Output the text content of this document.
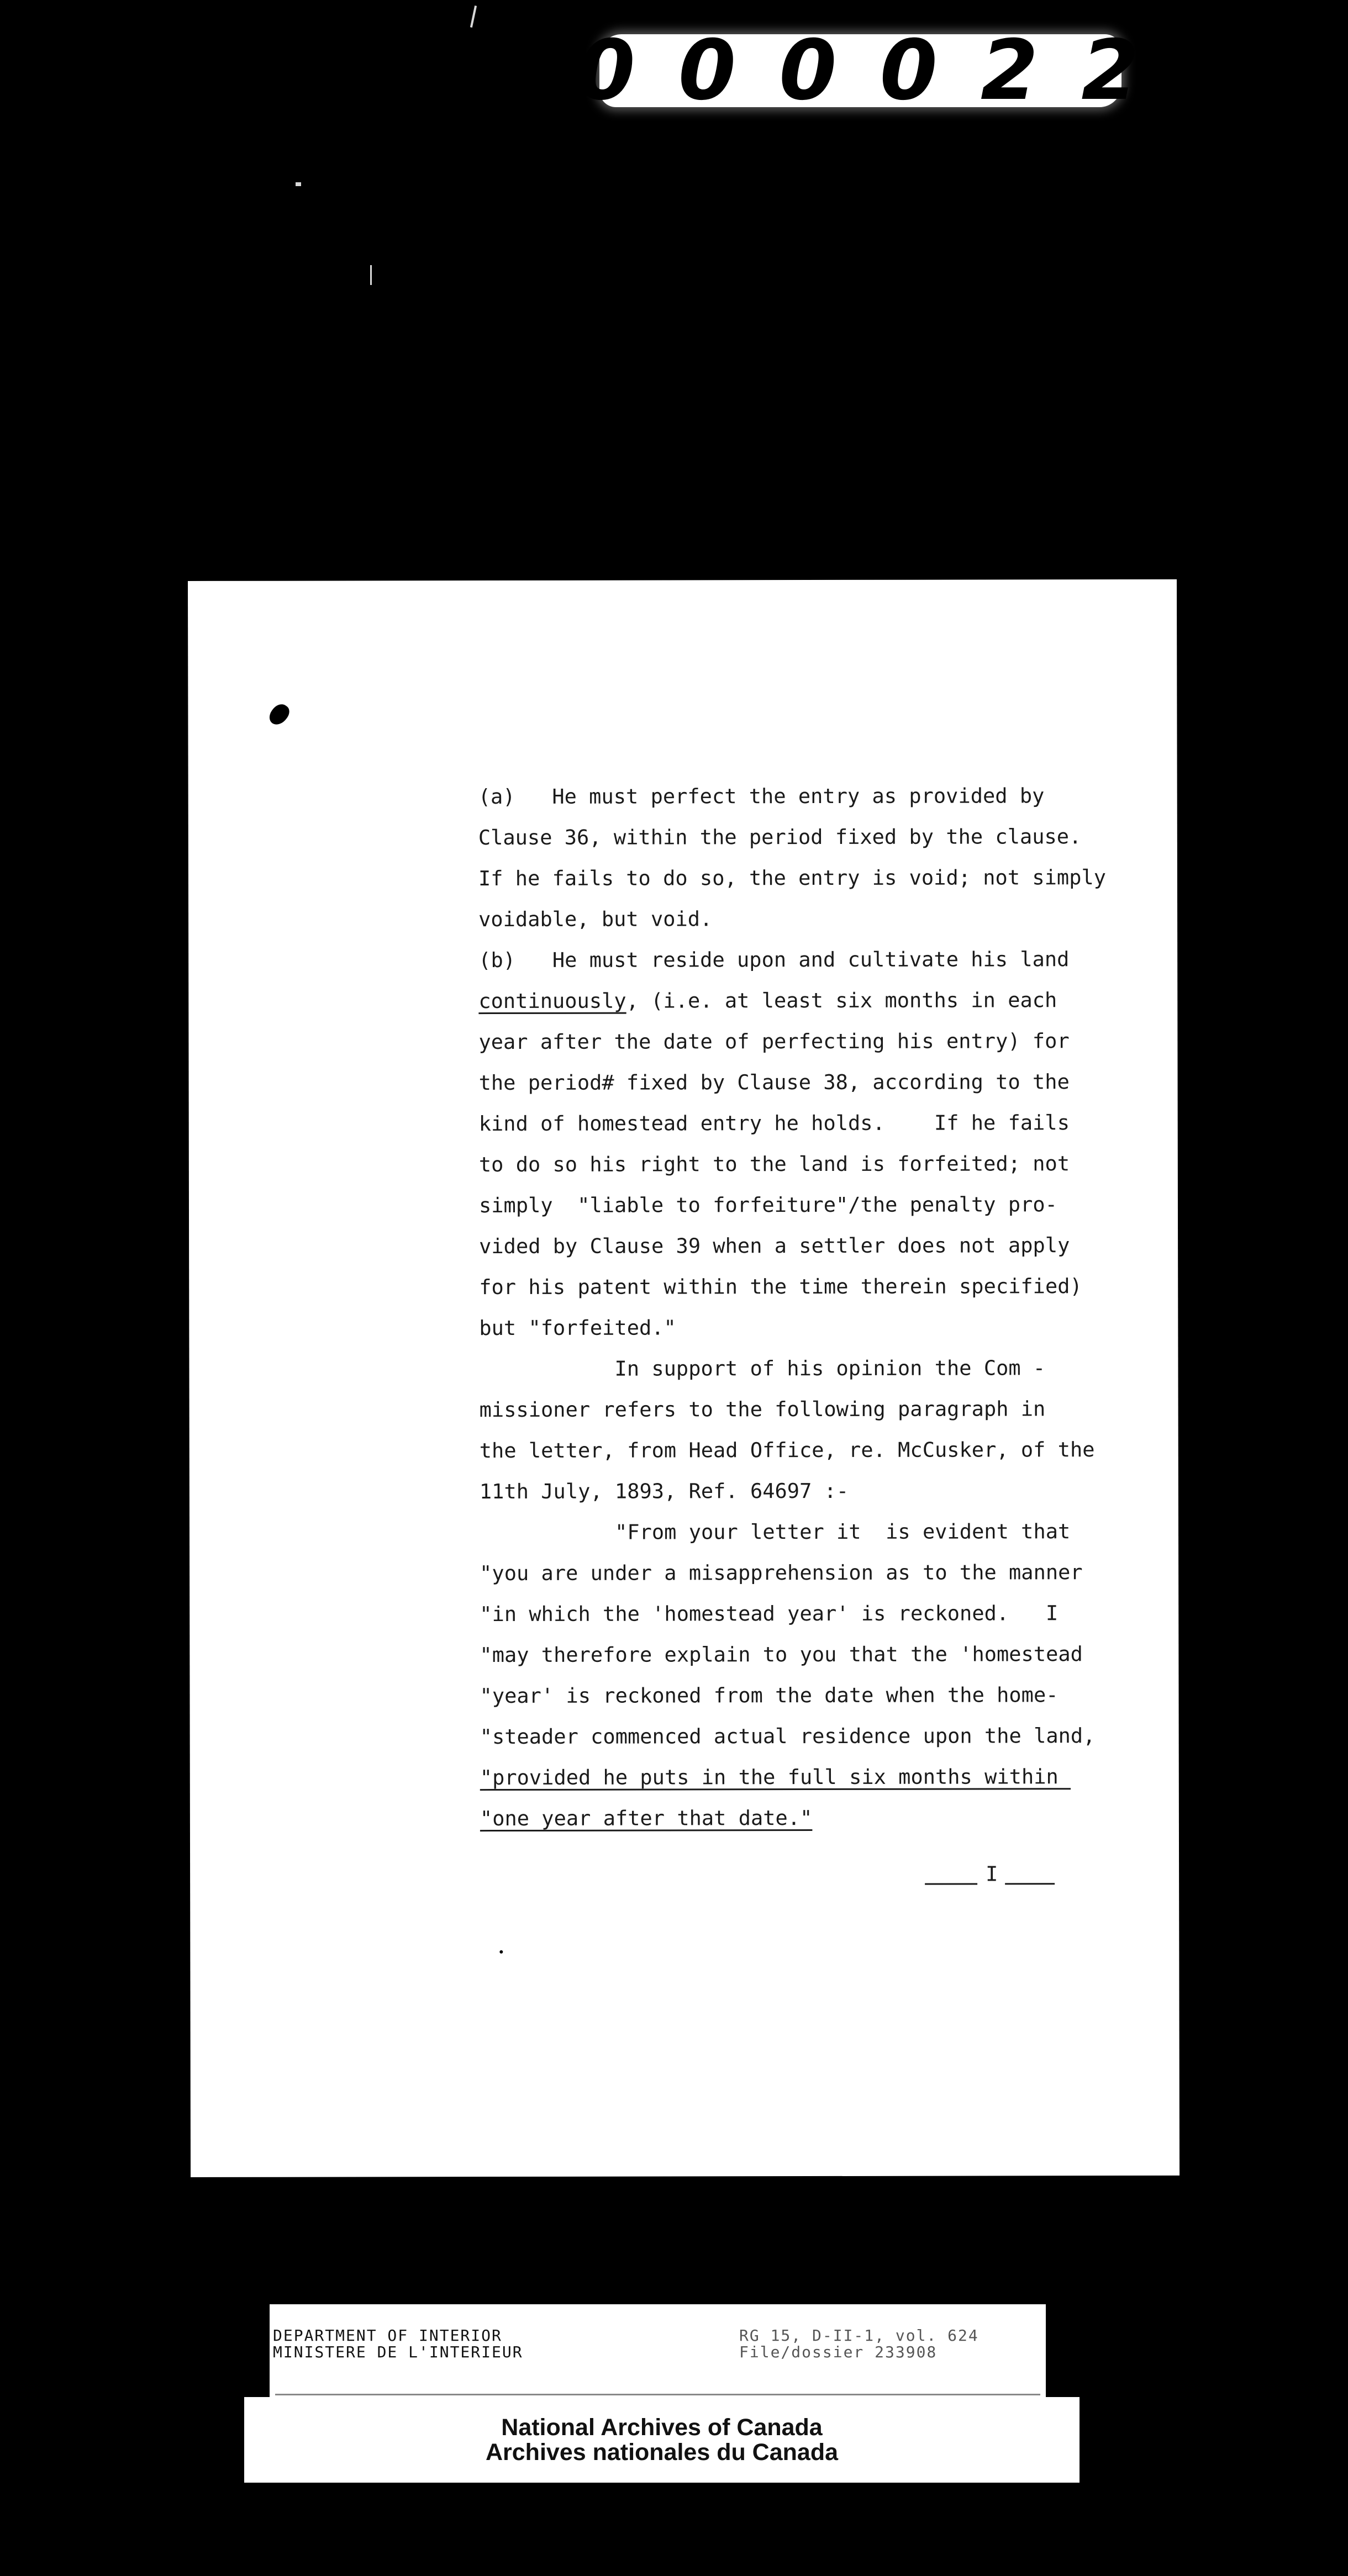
000022
(a)   He must perfect the entry as provided by
Clause 36, within the period fixed by the clause.
If he fails to do so, the entry is void; not simply
voidable, but void.
(b)   He must reside upon and cultivate his land
continuously, (i.e. at least six months in each
year after the date of perfecting his entry) for
the period# fixed by Clause 38, according to the
kind of homestead entry he holds.    If he fails
to do so his right to the land is forfeited; not
simply  "liable to forfeiture"/the penalty pro-
vided by Clause 39 when a settler does not apply
for his patent within the time therein specified)
but "forfeited."
In support of his opinion the Com -
missioner refers to the following paragraph in
the letter, from Head Office, re. McCusker, of the
11th July, 1893, Ref. 64697 :-
"From your letter it  is evident that
"you are under a misapprehension as to the manner
"in which the 'homestead year' is reckoned.   I
"may therefore explain to you that the 'homestead
"year' is reckoned from the date when the home-
"steader commenced actual residence upon the land,
"provided he puts in the full six months within
"one year after that date."
I
DEPARTMENT OF INTERIOR
MINISTERE DE L'INTERIEUR
RG 15, D-II-1, vol. 624
File/dossier 233908
National Archives of Canada
Archives nationales du Canada
